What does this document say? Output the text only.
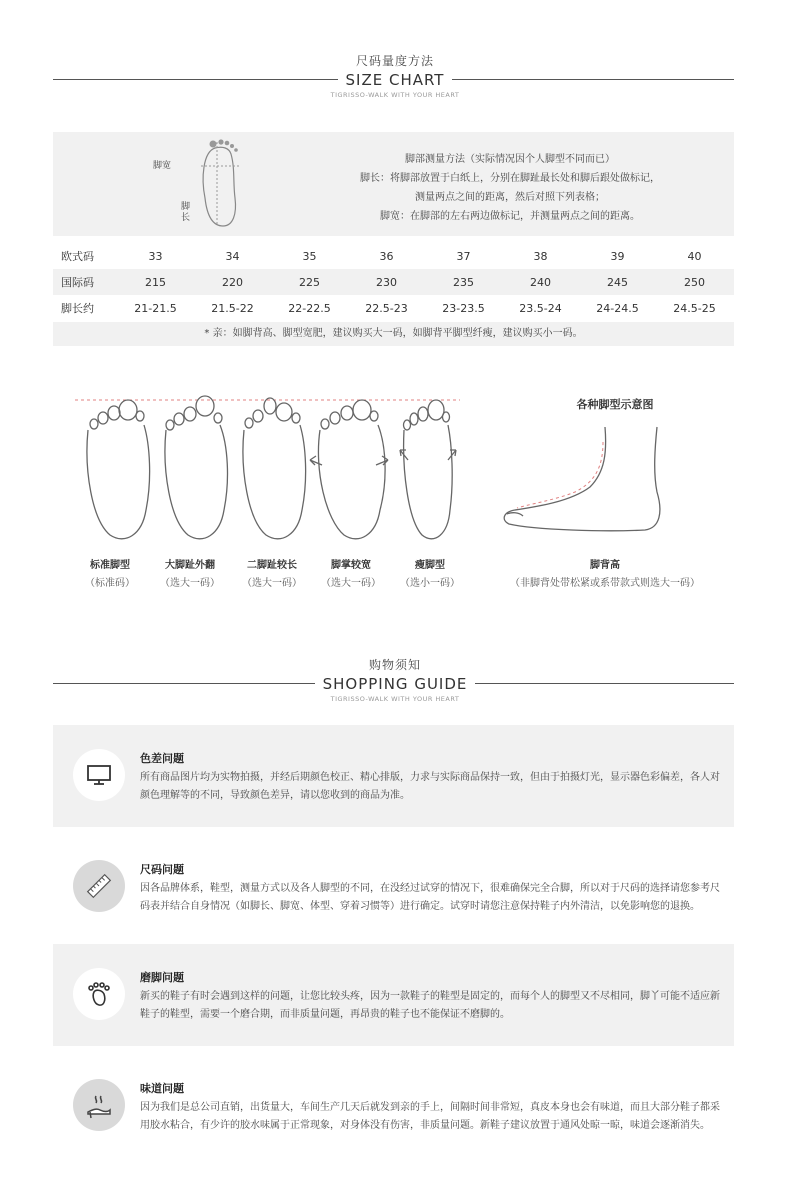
尺码量度方法
SIZE CHART
TIGRISSO-WALK WITH YOUR HEART
脚宽
脚
长
脚部测量方法（实际情况因个人脚型不同而已）
脚长：将脚部放置于白纸上，分别在脚趾最长处和脚后跟处做标记，
测量两点之间的距离，然后对照下列表格；
脚宽：在脚部的左右两边做标记，并测量两点之间的距离。
欧式码	33	34	35	36	37	38	39	40
国际码	215	220	225	230	235	240	245	250
脚长约	21-21.5	21.5-22	22-22.5	22.5-23	23-23.5	23.5-24	24-24.5	24.5-25
* 亲：如脚背高、脚型宽肥，建议购买大一码，如脚背平脚型纤瘦，建议购买小一码。
标准脚型
（标准码）
大脚趾外翻
（选大一码）
二脚趾较长
（选大一码）
脚掌较宽
（选大一码）
瘦脚型
（选小一码）
各种脚型示意图
脚背高
（非脚背处带松紧或系带款式则选大一码）
购物须知
SHOPPING GUIDE
TIGRISSO-WALK WITH YOUR HEART
色差问题
所有商品图片均为实物拍摄，并经后期颜色校正、精心排版，力求与实际商品保持一致，但由于拍摄灯光，显示器色彩偏差，各人对颜色理解等的不同，导致颜色差异，请以您收到的商品为准。
尺码问题
因各品牌体系，鞋型，测量方式以及各人脚型的不同，在没经过试穿的情况下，很难确保完全合脚，所以对于尺码的选择请您参考尺码表并结合自身情况（如脚长、脚宽、体型、穿着习惯等）进行确定。试穿时请您注意保持鞋子内外清洁，以免影响您的退换。
磨脚问题
新买的鞋子有时会遇到这样的问题，让您比较头疼，因为一款鞋子的鞋型是固定的，而每个人的脚型又不尽相同，脚丫可能不适应新鞋子的鞋型，需要一个磨合期，而非质量问题，再昂贵的鞋子也不能保证不磨脚的。
味道问题
因为我们是总公司直销，出货量大，车间生产几天后就发到亲的手上，间隔时间非常短，真皮本身也会有味道，而且大部分鞋子都采用胶水粘合，有少许的胶水味属于正常现象，对身体没有伤害，非质量问题。新鞋子建议放置于通风处晾一晾，味道会逐渐消失。
